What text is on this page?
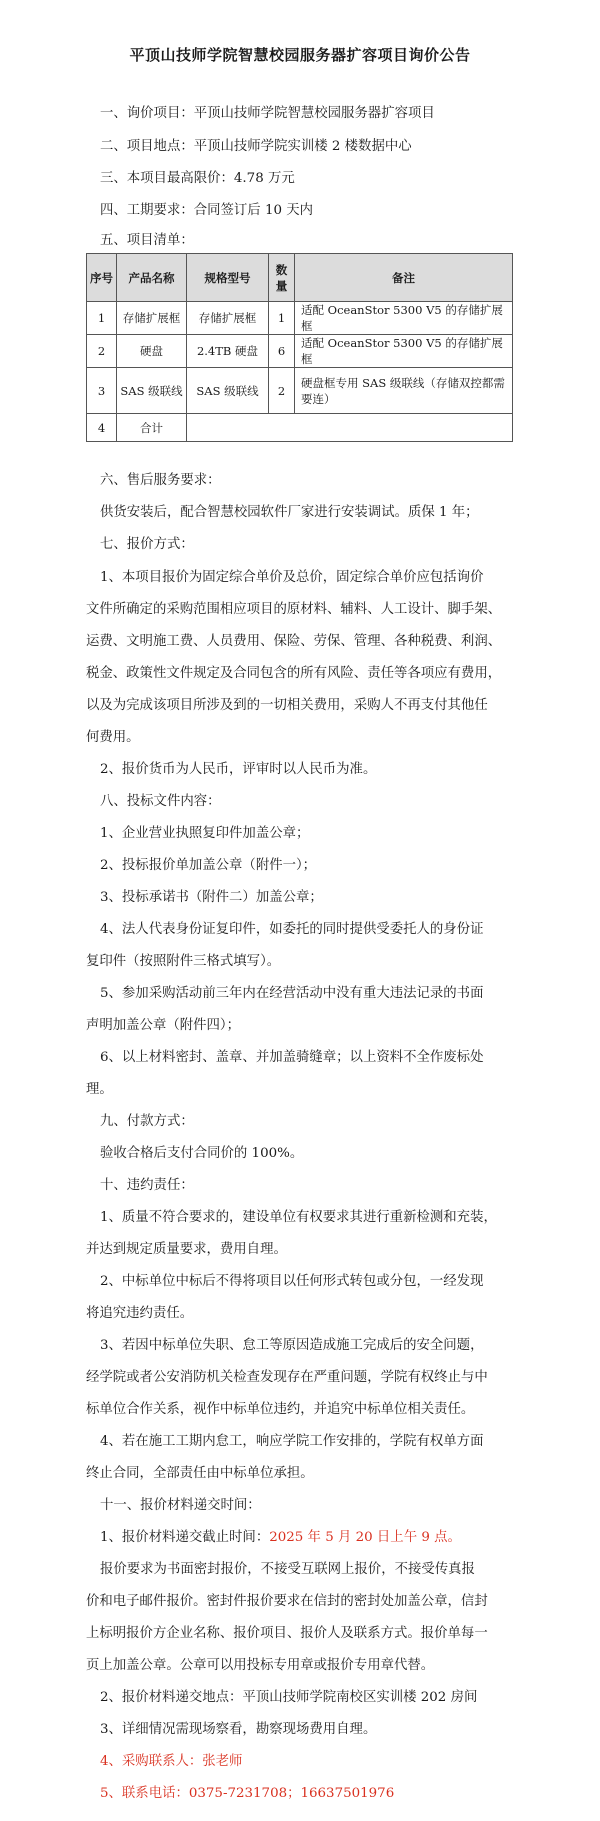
平顶山技师学院智慧校园服务器扩容项目询价公告
一、询价项目：平顶山技师学院智慧校园服务器扩容项目
二、项目地点：平顶山技师学院实训楼 2 楼数据中心
三、本项目最高限价：4.78 万元
四、工期要求：合同签订后 10 天内
五、项目清单：
序号	产品名称	规格型号	数量	备注
1	存储扩展框	存储扩展框	1	适配 OceanStor 5300 V5 的存储扩展框
2	硬盘	2.4TB 硬盘	6	适配 OceanStor 5300 V5 的存储扩展框
3	SAS 级联线	SAS 级联线	2	硬盘框专用 SAS 级联线（存储双控都需要连）
4	合计			
六、售后服务要求：
供货安装后，配合智慧校园软件厂家进行安装调试。质保 1 年；
七、报价方式：
1、本项目报价为固定综合单价及总价，固定综合单价应包括询价
文件所确定的采购范围相应项目的原材料、辅料、人工设计、脚手架、
运费、文明施工费、人员费用、保险、劳保、管理、各种税费、利润、
税金、政策性文件规定及合同包含的所有风险、责任等各项应有费用，
以及为完成该项目所涉及到的一切相关费用，采购人不再支付其他任
何费用。
2、报价货币为人民币，评审时以人民币为准。
八、投标文件内容：
1、企业营业执照复印件加盖公章；
2、投标报价单加盖公章（附件一）；
3、投标承诺书（附件二）加盖公章；
4、法人代表身份证复印件，如委托的同时提供受委托人的身份证
复印件（按照附件三格式填写）。
5、参加采购活动前三年内在经营活动中没有重大违法记录的书面
声明加盖公章（附件四）；
6、以上材料密封、盖章、并加盖骑缝章；以上资料不全作废标处
理。
九、付款方式：
验收合格后支付合同价的 100%。
十、违约责任：
1、质量不符合要求的，建设单位有权要求其进行重新检测和充装，
并达到规定质量要求，费用自理。
2、中标单位中标后不得将项目以任何形式转包或分包，一经发现
将追究违约责任。
3、若因中标单位失职、怠工等原因造成施工完成后的安全问题，
经学院或者公安消防机关检查发现存在严重问题，学院有权终止与中
标单位合作关系，视作中标单位违约，并追究中标单位相关责任。
4、若在施工工期内怠工，响应学院工作安排的，学院有权单方面
终止合同，全部责任由中标单位承担。
十一、报价材料递交时间：
1、报价材料递交截止时间：2025 年 5 月 20 日上午 9 点。
报价要求为书面密封报价，不接受互联网上报价，不接受传真报
价和电子邮件报价。密封件报价要求在信封的密封处加盖公章，信封
上标明报价方企业名称、报价项目、报价人及联系方式。报价单每一
页上加盖公章。公章可以用投标专用章或报价专用章代替。
2、报价材料递交地点：平顶山技师学院南校区实训楼 202 房间
3、详细情况需现场察看，勘察现场费用自理。
4、采购联系人：张老师
5、联系电话：0375-7231708；16637501976
